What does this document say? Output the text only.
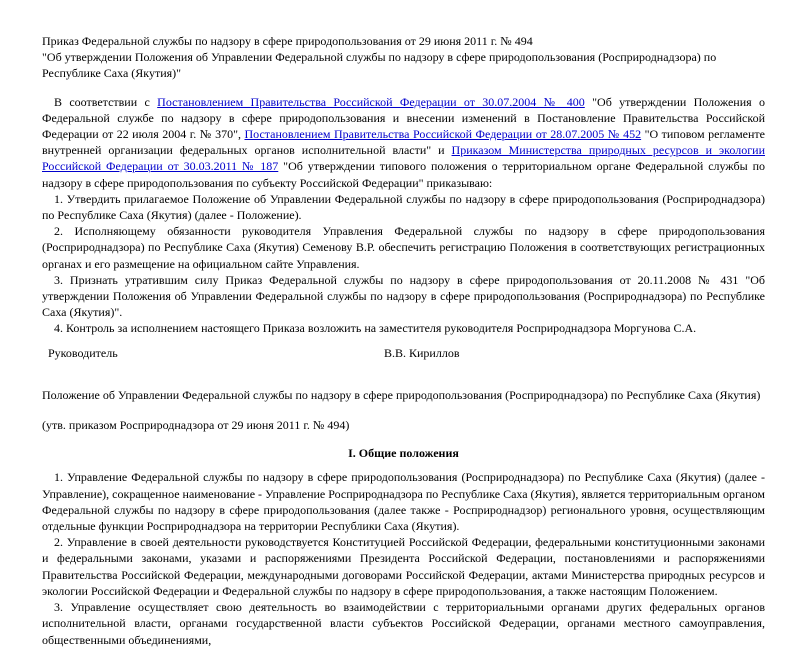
Приказ Федеральной службы по надзору в сфере природопользования от 29 июня 2011 г. № 494

"Об утверждении Положения об Управлении Федеральной службы по надзору в сфере природопользования (Росприроднадзора) по Республике Саха (Якутия)"

В соответствии с Постановлением Правительства Российской Федерации от 30.07.2004 № 400 "Об утверждении Положения о Федеральной службе по надзору в сфере природопользования и внесении изменений в Постановление Правительства Российской Федерации от 22 июля 2004 г. № 370", Постановлением Правительства Российской Федерации от 28.07.2005 № 452 "О типовом регламенте внутренней организации федеральных органов исполнительной власти" и Приказом Министерства природных ресурсов и экологии Российской Федерации от 30.03.2011 № 187 "Об утверждении типового положения о территориальном органе Федеральной службы по надзору в сфере природопользования по субъекту Российской Федерации" приказываю:

1. Утвердить прилагаемое Положение об Управлении Федеральной службы по надзору в сфере природопользования (Росприроднадзора) по Республике Саха (Якутия) (далее - Положение).

2. Исполняющему обязанности руководителя Управления Федеральной службы по надзору в сфере природопользования (Росприроднадзора) по Республике Саха (Якутия) Семенову В.Р. обеспечить регистрацию Положения в соответствующих регистрационных органах и его размещение на официальном сайте Управления.

3. Признать утратившим силу Приказ Федеральной службы по надзору в сфере природопользования от 20.11.2008 № 431 "Об утверждении Положения об Управлении Федеральной службы по надзору в сфере природопользования (Росприроднадзора) по Республике Саха (Якутия)".

4. Контроль за исполнением настоящего Приказа возложить на заместителя руководителя Росприроднадзора Моргунова С.А.

Руководитель	В.В. Кириллов

Положение об Управлении Федеральной службы по надзору в сфере природопользования (Росприроднадзора) по Республике Саха (Якутия)

(утв. приказом Росприроднадзора от 29 июня 2011 г. № 494)

I. Общие положения

1. Управление Федеральной службы по надзору в сфере природопользования (Росприроднадзора) по Республике Саха (Якутия) (далее - Управление), сокращенное наименование - Управление Росприроднадзора по Республике Саха (Якутия), является территориальным органом Федеральной службы по надзору в сфере природопользования (далее также - Росприроднадзор) регионального уровня, осуществляющим отдельные функции Росприроднадзора на территории Республики Саха (Якутия).

2. Управление в своей деятельности руководствуется Конституцией Российской Федерации, федеральными конституционными законами и федеральными законами, указами и распоряжениями Президента Российской Федерации, постановлениями и распоряжениями Правительства Российской Федерации, международными договорами Российской Федерации, актами Министерства природных ресурсов и экологии Российской Федерации и Федеральной службы по надзору в сфере природопользования, а также настоящим Положением.

3. Управление осуществляет свою деятельность во взаимодействии с территориальными органами других федеральных органов исполнительной власти, органами государственной власти субъектов Российской Федерации, органами местного самоуправления, общественными объединениями,
